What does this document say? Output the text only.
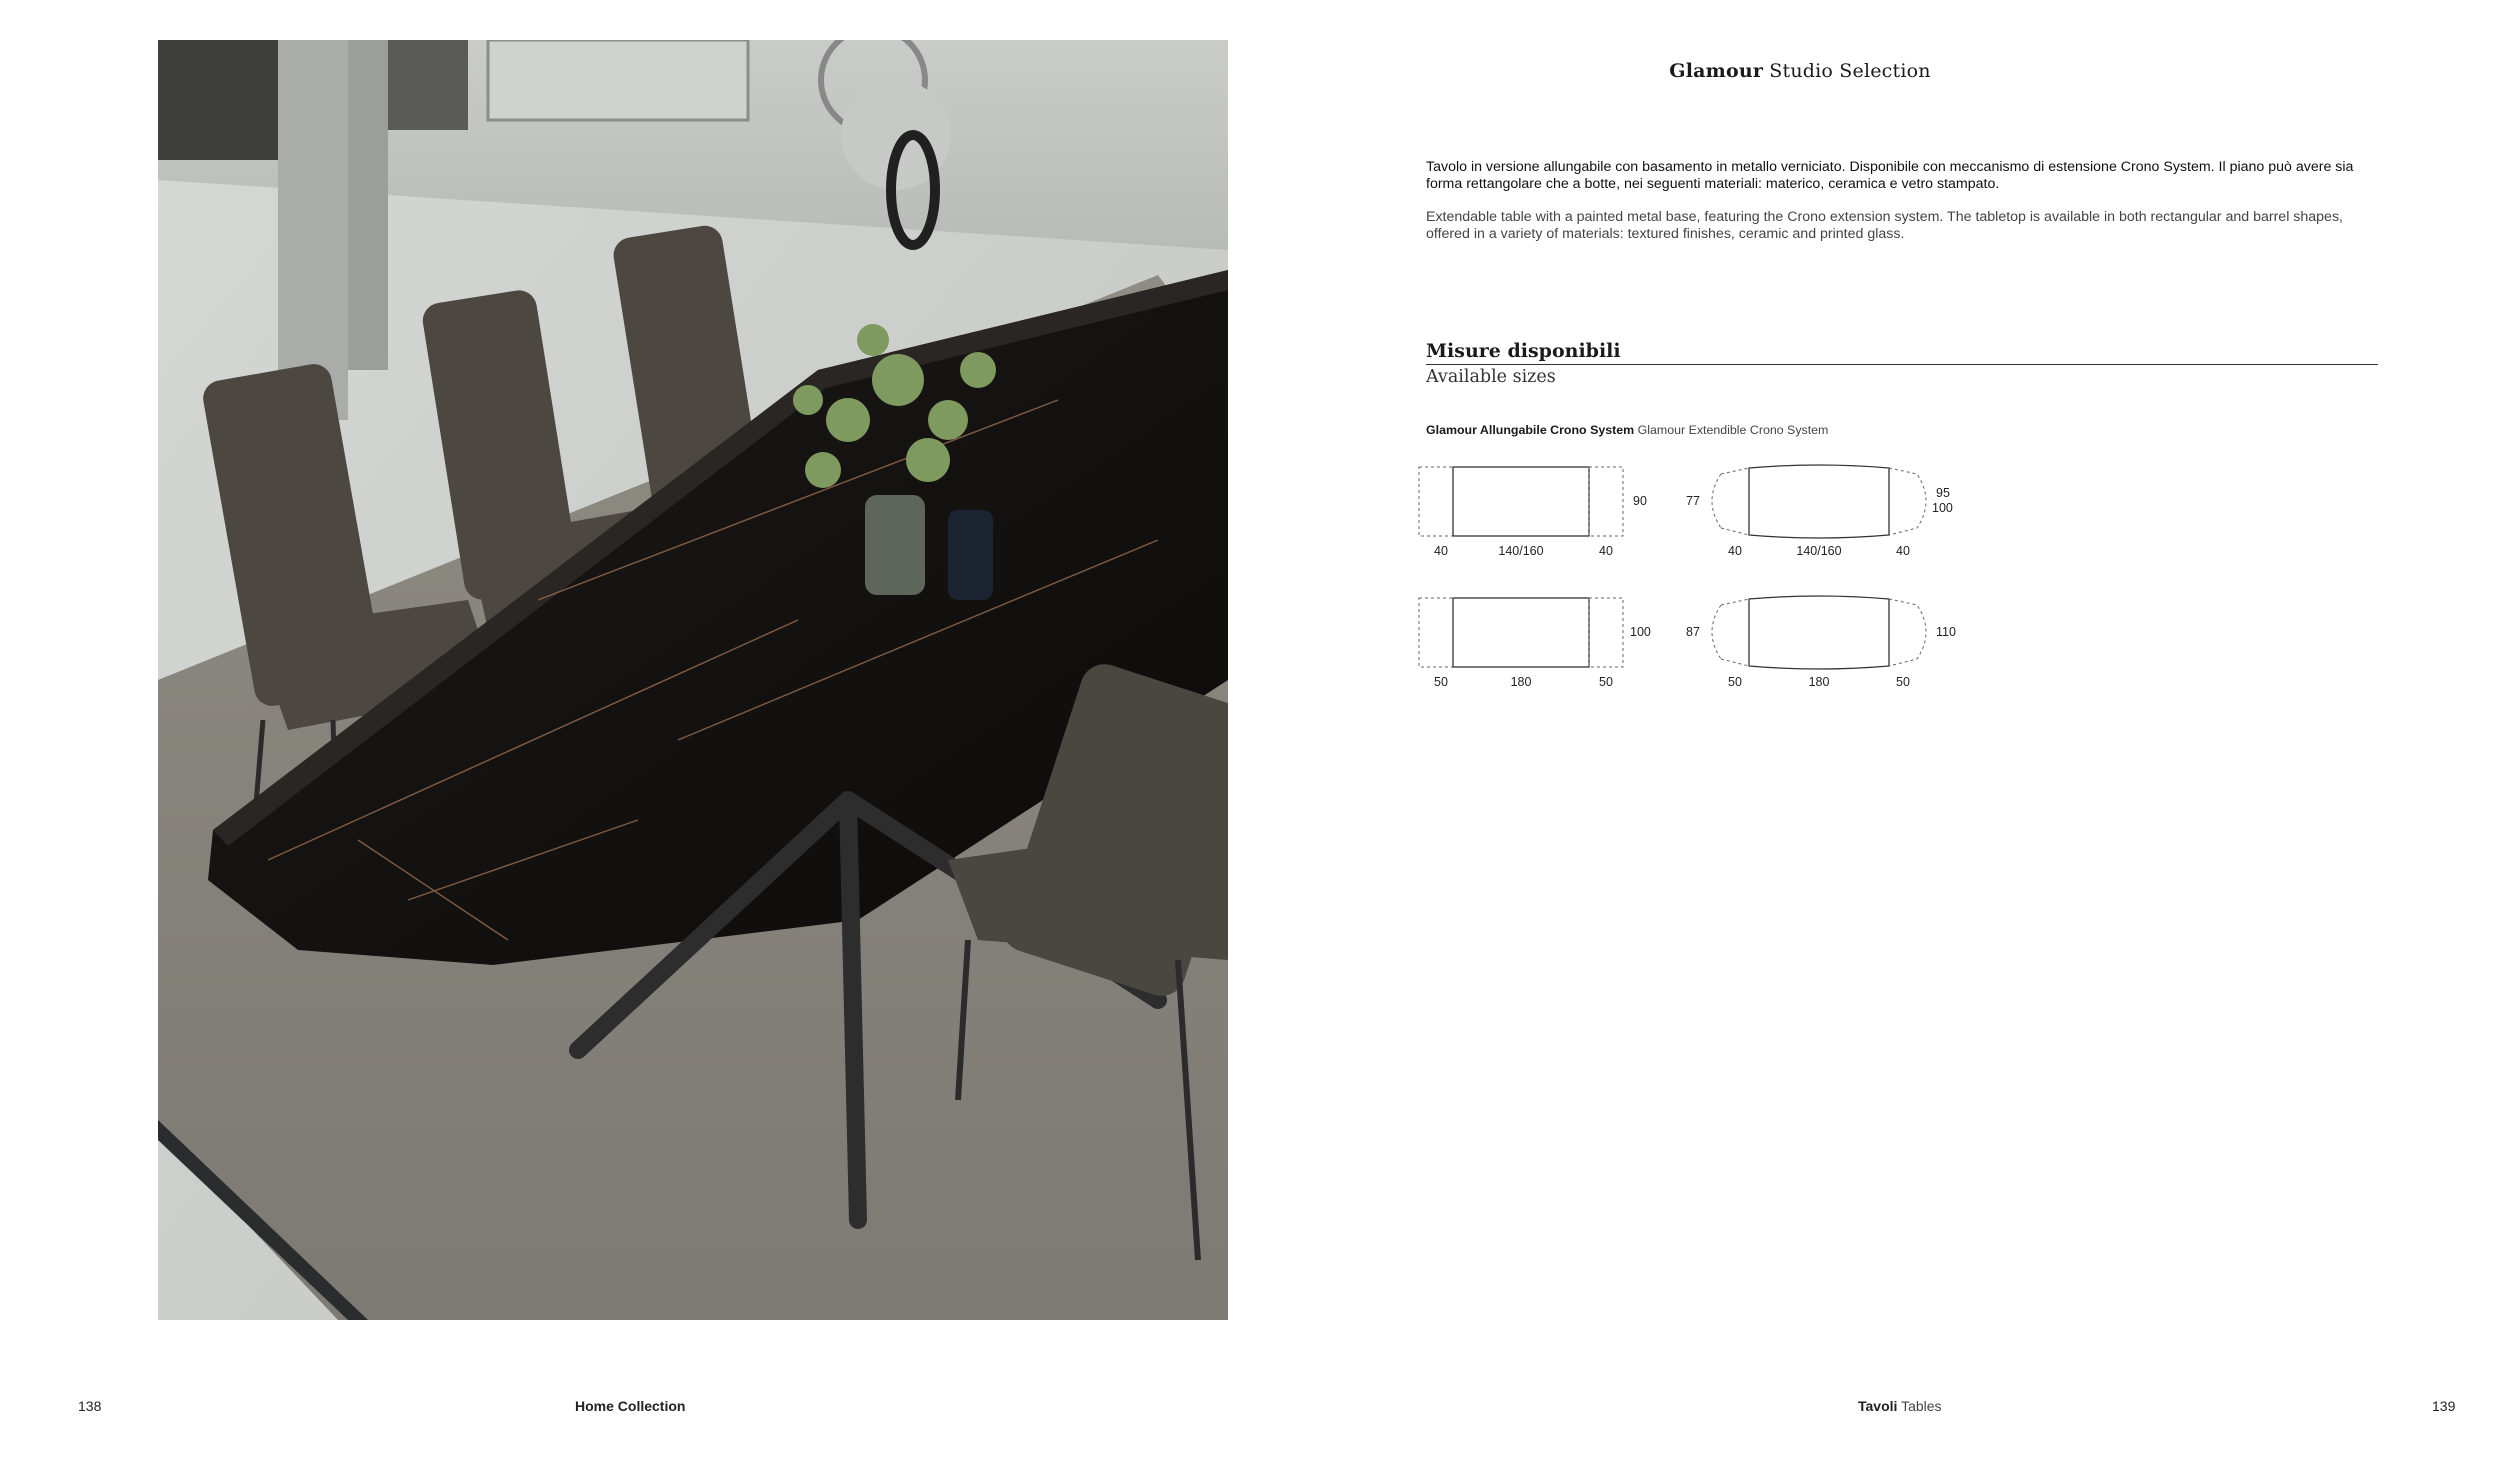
Glamour Studio Selection

Tavolo in versione allungabile con basamento in metallo verniciato. Disponibile con meccanismo di estensione Crono System. Il piano può avere sia forma rettangolare che a botte, nei seguenti materiali: materico, ceramica e vetro stampato.

Extendable table with a painted metal base, featuring the Crono extension system. The tabletop is available in both rectangular and barrel shapes, offered in a variety of materials: textured finishes, ceramic and printed glass.

Misure disponibili
Available sizes
Glamour Allungabile Crono System Glamour Extendible Crono System
40	140/160	40
90	77
40	140/160	40
95
100
50	180	50
100	87
50	180	50
110
138	Home Collection	Tavoli Tables	139
